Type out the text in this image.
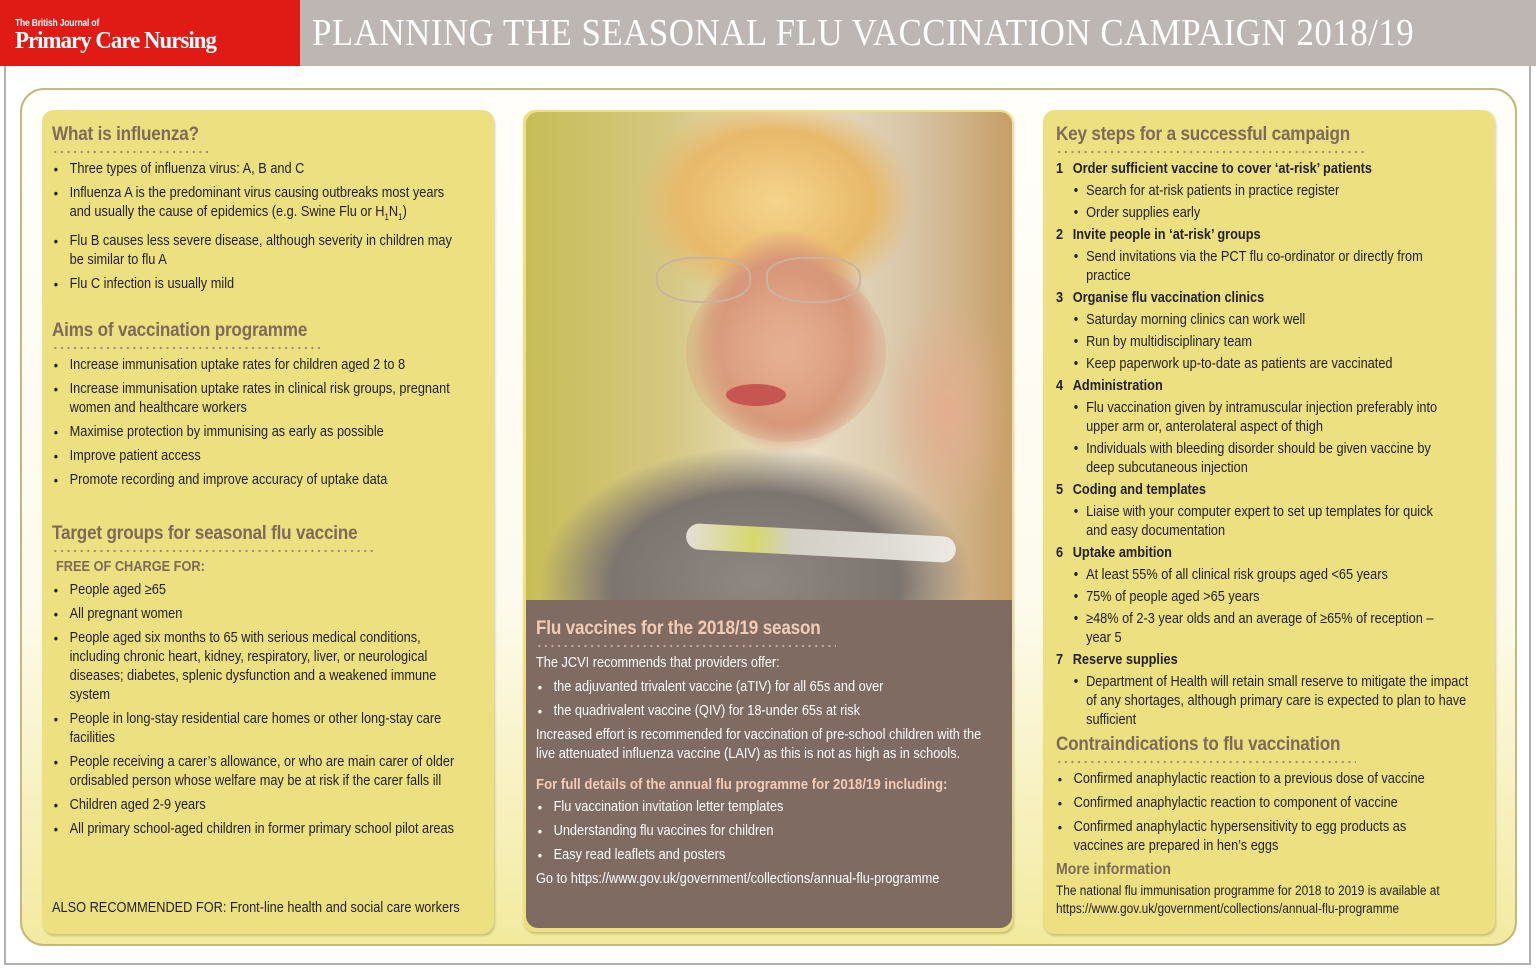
The British Journal of
Primary Care Nursing	PLANNING THE SEASONAL FLU VACCINATION CAMPAIGN 2018/19
What is influenza?
• Three types of influenza virus: A, B and C
• Influenza A is the predominant virus causing outbreaks most years and usually the cause of epidemics (e.g. Swine Flu or $H_1N_1$)
• Flu B causes less severe disease, although severity in children may be similar to flu A
• Flu C infection is usually mild
Aims of vaccination programme
• Increase immunisation uptake rates for children aged 2 to 8
• Increase immunisation uptake rates in clinical risk groups, pregnant women and healthcare workers
• Maximise protection by immunising as early as possible
• Improve patient access
• Promote recording and improve accuracy of uptake data
Target groups for seasonal flu vaccine
FREE OF CHARGE FOR:
• People aged ≥65
• All pregnant women
• People aged six months to 65 with serious medical conditions, including chronic heart, kidney, respiratory, liver, or neurological diseases; diabetes, splenic dysfunction and a weakened immune system
• People in long-stay residential care homes or other long-stay care facilities
• People receiving a carer’s allowance, or who are main carer of older ordisabled person whose welfare may be at risk if the carer falls ill
• Children aged 2-9 years
• All primary school-aged children in former primary school pilot areas
ALSO RECOMMENDED FOR: Front-line health and social care workers
Flu vaccines for the 2018/19 season
The JCVI recommends that providers offer:
• the adjuvanted trivalent vaccine (aTIV) for all 65s and over
• the quadrivalent vaccine (QIV) for 18-under 65s at risk
Increased effort is recommended for vaccination of pre-school children with the live attenuated influenza vaccine (LAIV) as this is not as high as in schools.
For full details of the annual flu programme for 2018/19 including:
• Flu vaccination invitation letter templates
• Understanding flu vaccines for children
• Easy read leaflets and posters
Go to https://www.gov.uk/government/collections/annual-flu-programme
Key steps for a successful campaign
1 Order sufficient vaccine to cover ‘at-risk’ patients
• Search for at-risk patients in practice register
• Order supplies early
2 Invite people in ‘at-risk’ groups
• Send invitations via the PCT flu co-ordinator or directly from practice
3 Organise flu vaccination clinics
• Saturday morning clinics can work well
• Run by multidisciplinary team
• Keep paperwork up-to-date as patients are vaccinated
4 Administration
• Flu vaccination given by intramuscular injection preferably into upper arm or, anterolateral aspect of thigh
• Individuals with bleeding disorder should be given vaccine by deep subcutaneous injection
5 Coding and templates
• Liaise with your computer expert to set up templates for quick and easy documentation
6 Uptake ambition
• At least 55% of all clinical risk groups aged <65 years
• 75% of people aged >65 years
• ≥48% of 2-3 year olds and an average of ≥65% of reception – year 5
7 Reserve supplies
• Department of Health will retain small reserve to mitigate the impact of any shortages, although primary care is expected to plan to have sufficient
Contraindications to flu vaccination
• Confirmed anaphylactic reaction to a previous dose of vaccine
• Confirmed anaphylactic reaction to component of vaccine
• Confirmed anaphylactic hypersensitivity to egg products as vaccines are prepared in hen’s eggs
More information
The national flu immunisation programme for 2018 to 2019 is available at
https://www.gov.uk/government/collections/annual-flu-programme
